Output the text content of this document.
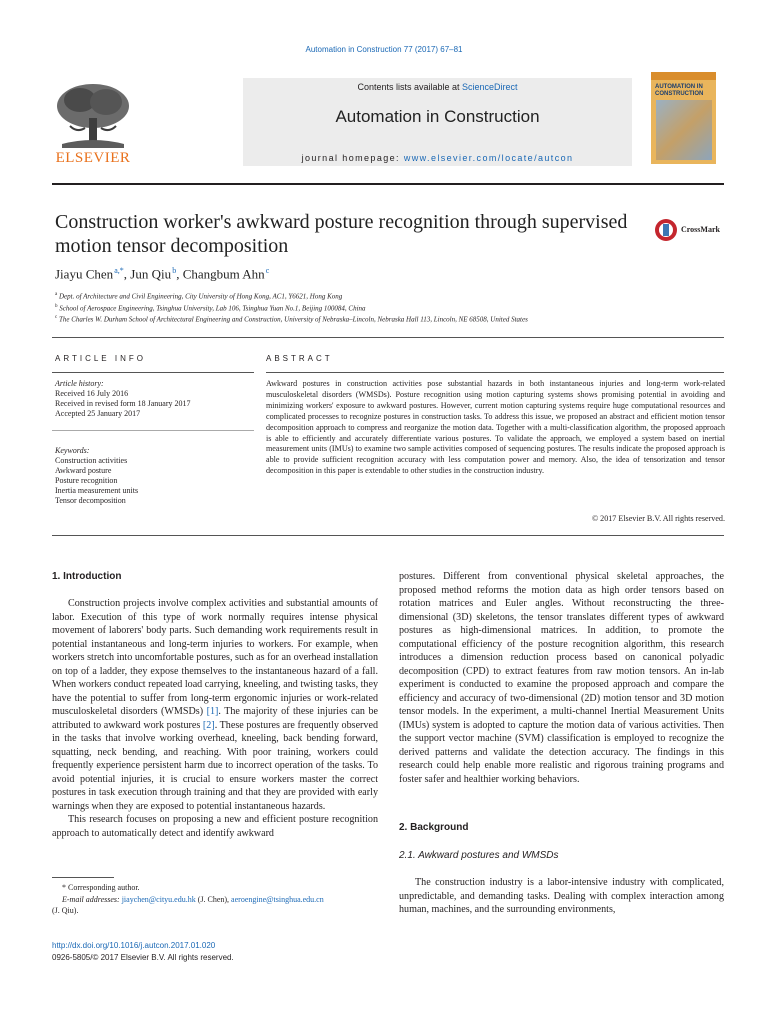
Automation in Construction 77 (2017) 67–81
Contents lists available at ScienceDirect
Automation in Construction
journal homepage: www.elsevier.com/locate/autcon
ELSEVIER
AUTOMATION IN CONSTRUCTION
Construction worker's awkward posture recognition through supervised motion tensor decomposition
CrossMark
Jiayu Chen $^{a,*}$, Jun Qiu $^b$, Changbum Ahn $^c$
$^a$ Dept. of Architecture and Civil Engineering, City University of Hong Kong, AC1, Y6621, Hong Kong
$^b$ School of Aerospace Engineering, Tsinghua University, Lab 106, Tsinghua Yuan No.1, Beijing 100084, China
$^c$ The Charles W. Durham School of Architectural Engineering and Construction, University of Nebraska–Lincoln, Nebraska Hall 113, Lincoln, NE 68508, United States
ARTICLE INFO
Article history:
Received 16 July 2016
Received in revised form 18 January 2017
Accepted 25 January 2017
Keywords:
Construction activities
Awkward posture
Posture recognition
Inertia measurement units
Tensor decomposition
ABSTRACT
Awkward postures in construction activities pose substantial hazards in both instantaneous injuries and long-term work-related musculoskeletal disorders (WMSDs). Posture recognition using motion capturing systems shows promising potential in avoiding and minimizing workers' exposure to awkward postures. However, current motion capturing systems require huge computational resources and complicated processes to recognize postures in construction tasks. To address this issue, we proposed an abstract and efficient motion tensor decomposition approach to compress and reorganize the motion data. Together with a multi-classification algorithm, the proposed approach is able to efficiently and accurately differentiate various postures. To validate the approach, we employed a system based on inertial measurement units (IMUs) to examine two sample activities composed of sequencing postures. The results indicate the proposed approach is able to provide sufficient recognition accuracy with less computation power and memory. Also, the idea of tensorization and tensor decomposition in this paper is extendable to other studies in the construction industry.
© 2017 Elsevier B.V. All rights reserved.
1. Introduction

Construction projects involve complex activities and substantial amounts of labor. Execution of this type of work normally requires intense physical movement of laborers' body parts. Such demanding work requirements result in potential instantaneous and long-term injuries to workers. For example, when workers stretch into uncomfortable postures, such as for an overhead installation on top of a ladder, they expose themselves to the instantaneous hazard of a fall. When workers conduct repeated load carrying, kneeling, and twisting tasks, they have the potential to suffer from long-term ergonomic injuries or work-related musculoskeletal disorders (WMSDs) [1]. The majority of these injuries can be attributed to awkward work postures [2]. These postures are frequently observed in the tasks that involve working overhead, kneeling, back bending forward, squatting, neck bending, and reaching. With poor training, workers could frequently experience persistent harm due to incorrect operation of the tasks. To avoid potential injuries, it is crucial to ensure workers master the correct postures in task execution through training and that they are provided with early warnings when they are exposed to potential instantaneous hazards.

This research focuses on proposing a new and efficient posture recognition approach to automatically detect and identify awkward

postures. Different from conventional physical skeletal approaches, the proposed method reforms the motion data as high order tensors based on rotation matrices and Euler angles. Without reconstructing the three-dimensional (3D) skeletons, the tensor translates different types of awkward postures as high-dimensional matrices. In addition, to promote the computational efficiency of the posture recognition algorithm, this research introduces a dimension reduction process based on canonical polyadic decomposition (CPD) to extract features from raw motion tensors. An in-lab experiment is conducted to examine the proposed approach and compare the efficiency and accuracy of two-dimensional (2D) motion tensor and 3D motion tensor models. In the experiment, a multi-channel Inertial Measurement Units (IMUs) system is adopted to capture the motion data of various activities. Then the support vector machine (SVM) classification is employed to recognize the derived patterns and validate the detection accuracy. The findings in this research could help enable more realistic and rigorous training programs and foster safer and healthier working behaviors.

2. Background
2.1. Awkward postures and WMSDs

The construction industry is a labor-intensive industry with complicated, unpredictable, and demanding tasks. Dealing with complex interaction among human, machines, and the surrounding environments,

* Corresponding author.
E-mail addresses: jiaychen@cityu.edu.hk (J. Chen), aeroengine@tsinghua.edu.cn
(J. Qiu).
http://dx.doi.org/10.1016/j.autcon.2017.01.020
0926-5805/© 2017 Elsevier B.V. All rights reserved.
